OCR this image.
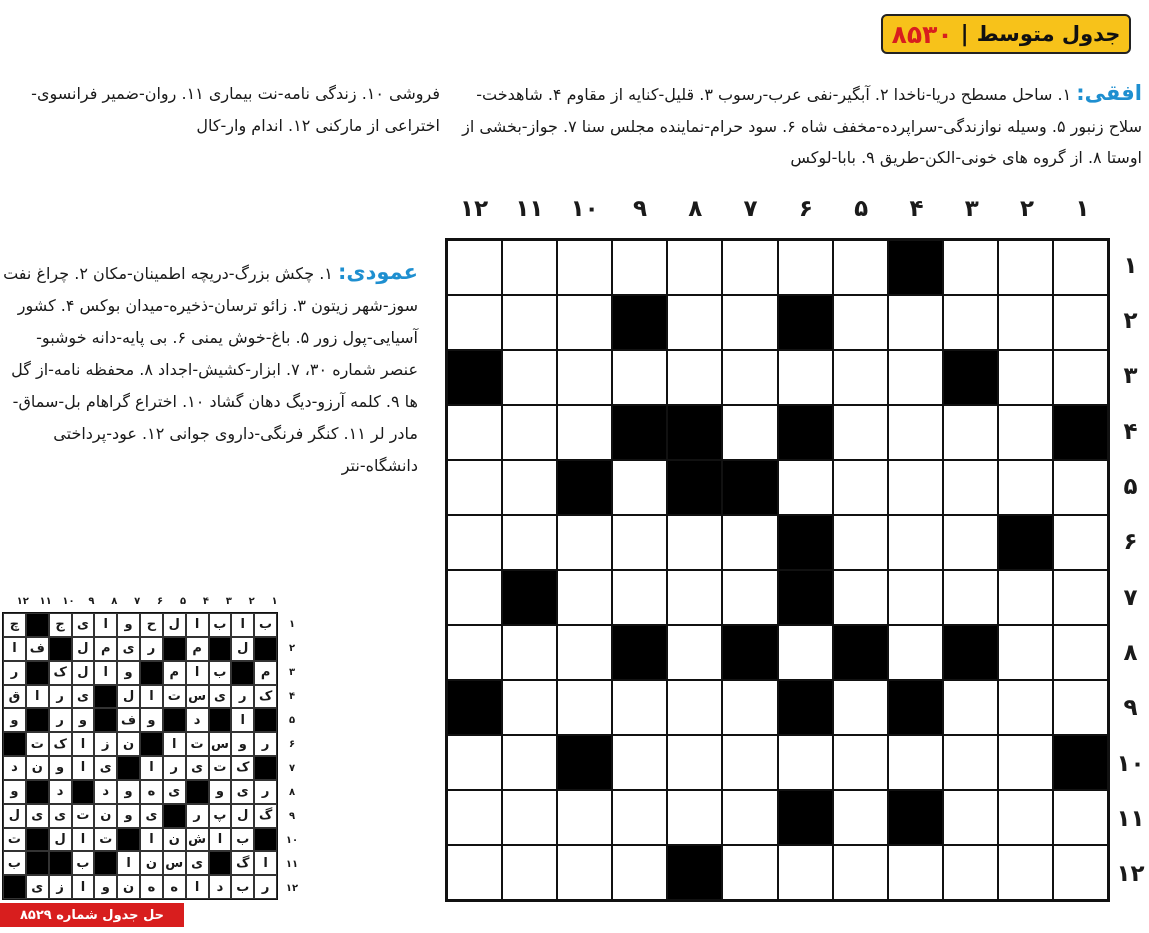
جدول متوسط
|
۸۵۳۰
افقی: ۱. ساحل مسطح دریا-ناخدا ۲. آبگیر-نفی عرب-رسوب ۳. قلیل-کنایه از مقاوم ۴. شاهدخت-سلاح زنبور ۵. وسیله نوازندگی-سراپرده-مخفف شاه ۶. سود حرام-نماینده مجلس سنا ۷. جواز-بخشی از اوستا ۸. از گروه های خونی-الکن-طریق ۹. بابا-لوکس
فروشی ۱۰. زندگی نامه-نت بیماری ۱۱. روان-ضمیر فرانسوی-اختراعی از مارکنی ۱۲. اندام وار-کال
عمودی: ۱. چکش بزرگ-دریچه اطمینان-مکان ۲. چراغ نفت سوز-شهر زیتون ۳. زائو ترسان-ذخیره-میدان بوکس ۴. کشور آسیایی-پول زور ۵. باغ-خوش یمنی ۶. بی پایه-دانه خوشبو-عنصر شماره ۳۰، ۷. ابزار-کشیش-اجداد ۸. محفظه نامه-از گل ها ۹. کلمه آرزو-دیگ دهان گشاد ۱۰. اختراع گراهام بل-سماق-مادر لر ۱۱. کنگر فرنگی-داروی جوانی ۱۲. عود-پرداختی دانشگاه-نتر
۱
۲
۳
۴
۵
۶
۷
۸
۹
۱۰
۱۱
۱۲
۱
۲
۳
۴
۵
۶
۷
۸
۹
۱۰
۱۱
۱۲
۱
۲
۳
۴
۵
۶
۷
۸
۹
۱۰
۱۱
۱۲
ب
ا
ب
ا
ل
ح
و
ا
ی
ج
چ
ل
م
ر
ی
م
ل
ف
ا
م
ب
ا
م
و
ا
ل
ک
ر
ک
ر
ی
س
ت
ا
ل
ی
ر
ا
ق
ا
د
و
ف
و
ر
و
ر
و
س
ت
ا
ن
ز
ا
ک
ت
ک
ت
ی
ر
ا
ی
ا
و
ن
د
ر
ی
و
ی
ه
و
د
د
و
گ
ل
پ
ر
ی
و
ن
ت
ی
ی
ل
ب
ا
ش
ن
ا
ت
ا
ل
ت
ا
گ
ی
س
ن
ا
ب
ب
ر
ب
د
ا
ه
ه
ن
و
ا
ز
ی
۱
۲
۳
۴
۵
۶
۷
۸
۹
۱۰
۱۱
۱۲
حل جدول شماره ۸۵۲۹
